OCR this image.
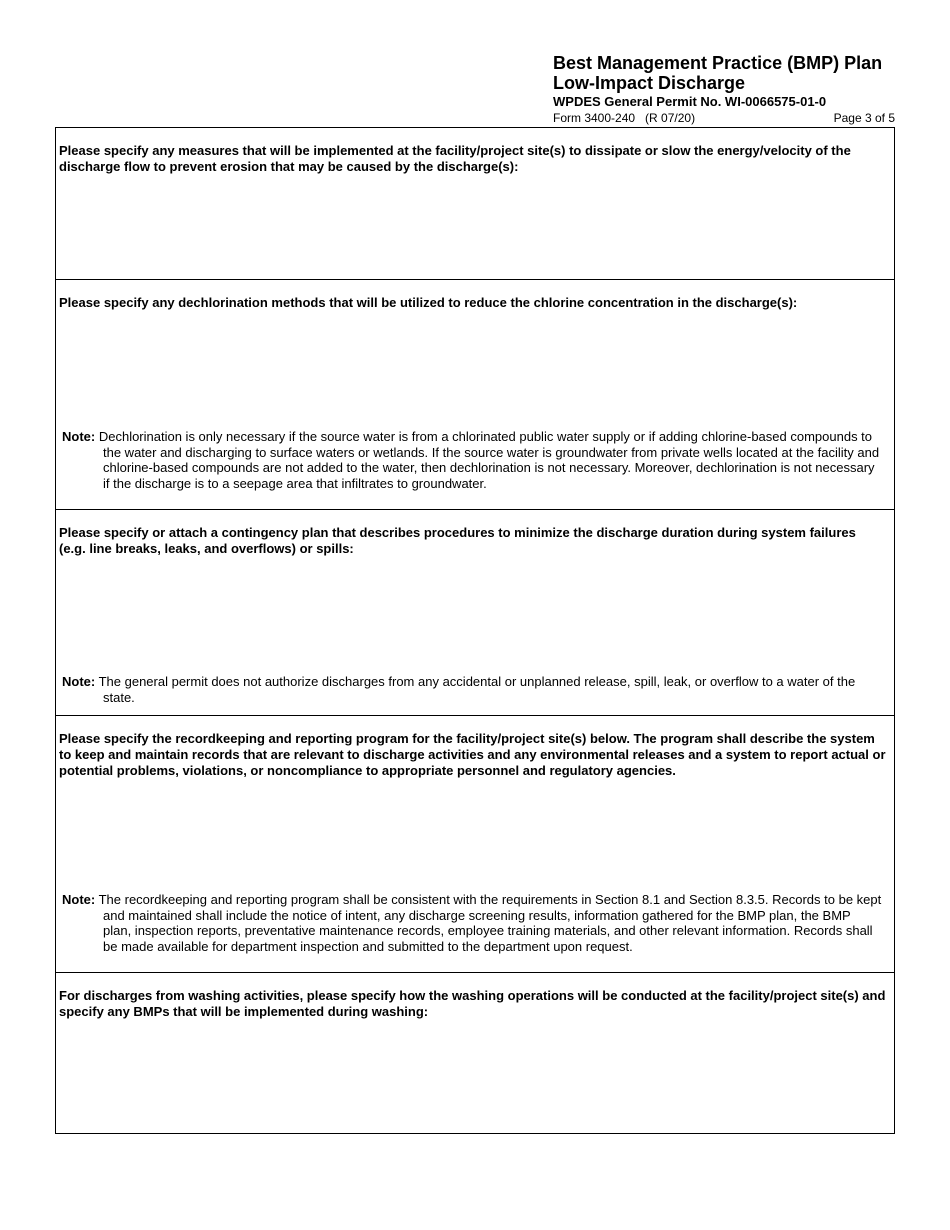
Best Management Practice (BMP) Plan
Low-Impact Discharge
WPDES General Permit No. WI-0066575-01-0
Form 3400-240   (R 07/20)	Page 3 of 5
Please specify any measures that will be implemented at the facility/project site(s) to dissipate or slow the energy/velocity of the discharge flow to prevent erosion that may be caused by the discharge(s):
Please specify any dechlorination methods that will be utilized to reduce the chlorine concentration in the discharge(s):
Note: Dechlorination is only necessary if the source water is from a chlorinated public water supply or if adding chlorine-based compounds to the water and discharging to surface waters or wetlands. If the source water is groundwater from private wells located at the facility and chlorine-based compounds are not added to the water, then dechlorination is not necessary. Moreover, dechlorination is not necessary if the discharge is to a seepage area that infiltrates to groundwater.
Please specify or attach a contingency plan that describes procedures to minimize the discharge duration during system failures (e.g. line breaks, leaks, and overflows) or spills:
Note: The general permit does not authorize discharges from any accidental or unplanned release, spill, leak, or overflow to a water of the state.
Please specify the recordkeeping and reporting program for the facility/project site(s) below. The program shall describe the system to keep and maintain records that are relevant to discharge activities and any environmental releases and a system to report actual or potential problems, violations, or noncompliance to appropriate personnel and regulatory agencies.
Note: The recordkeeping and reporting program shall be consistent with the requirements in Section 8.1 and Section 8.3.5. Records to be kept and maintained shall include the notice of intent, any discharge screening results, information gathered for the BMP plan, the BMP plan, inspection reports, preventative maintenance records, employee training materials, and other relevant information. Records shall be made available for department inspection and submitted to the department upon request.
For discharges from washing activities, please specify how the washing operations will be conducted at the facility/project site(s) and specify any BMPs that will be implemented during washing:
